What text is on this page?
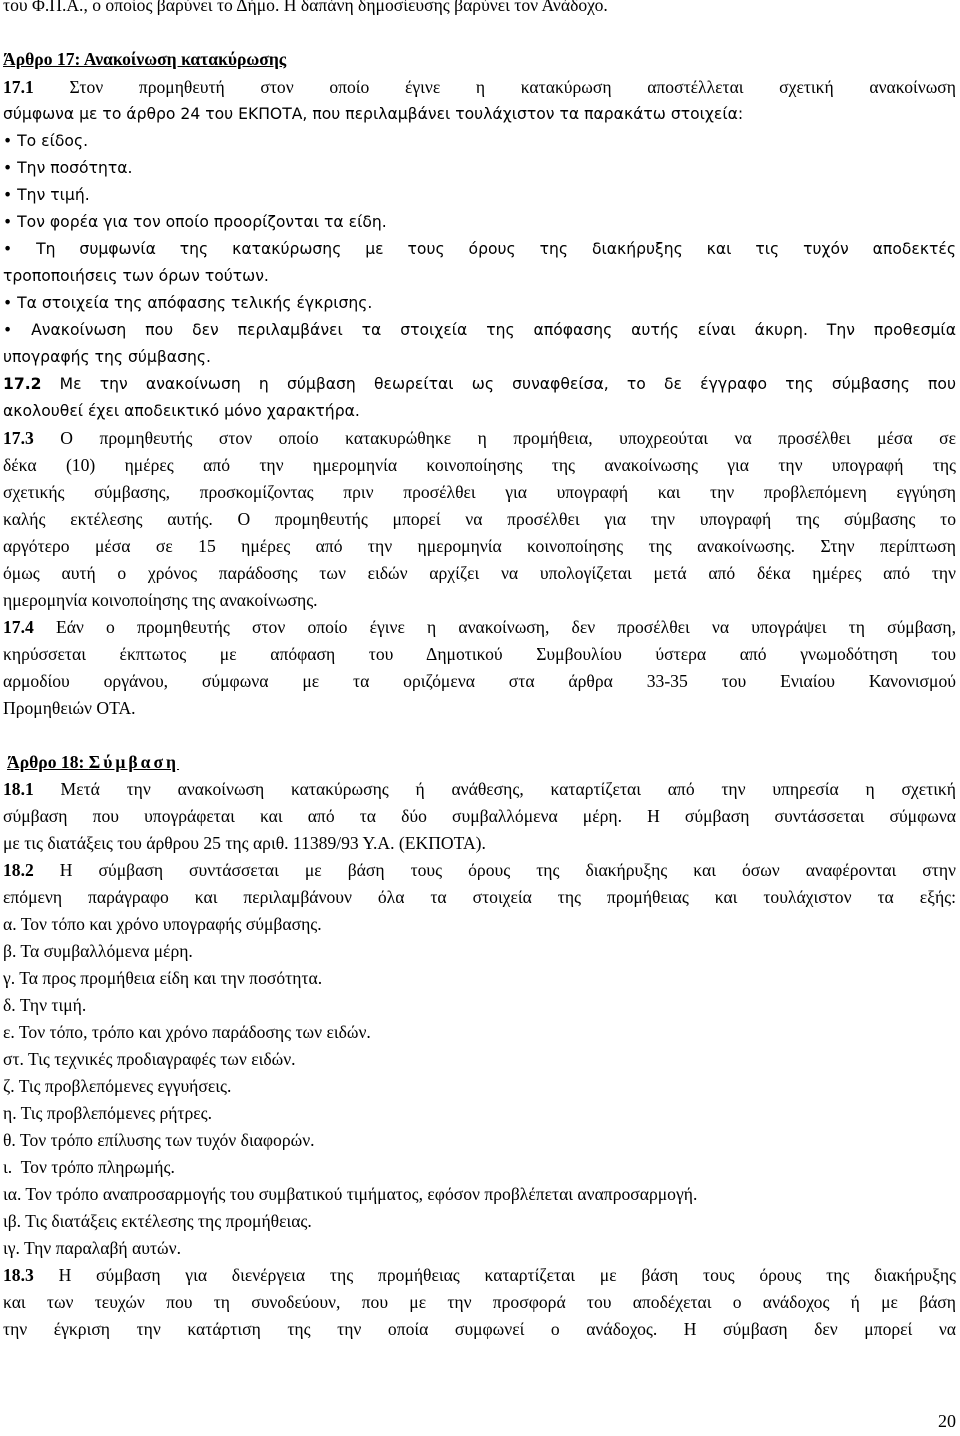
του Φ.Π.Α., ο οποίος βαρύνει το Δήμο. Η δαπάνη δημοσίευσης βαρύνει τον Ανάδοχο.
Άρθρο 17: Ανακοίνωση κατακύρωσης
17.1 Στον προμηθευτή στον οποίο έγινε η κατακύρωση αποστέλλεται σχετική ανακοίνωση
σύμφωνα με το άρθρο 24 του ΕΚΠΟΤΑ, που περιλαμβάνει τουλάχιστον τα παρακάτω στοιχεία:
• Το είδος.
• Την ποσότητα.
• Την τιμή.
• Τον φορέα για τον οποίο προορίζονται τα είδη.
• Τη συμφωνία της κατακύρωσης με τους όρους της διακήρυξης και τις τυχόν αποδεκτές
τροποποιήσεις των όρων τούτων.
• Τα στοιχεία της απόφασης τελικής έγκρισης.
• Ανακοίνωση που δεν περιλαμβάνει τα στοιχεία της απόφασης αυτής είναι άκυρη. Την προθεσμία
υπογραφής της σύμβασης.
17.2 Με την ανακοίνωση η σύμβαση θεωρείται ως συναφθείσα, το δε έγγραφο της σύμβασης που
ακολουθεί έχει αποδεικτικό μόνο χαρακτήρα.
17.3 Ο προμηθευτής στον οποίο κατακυρώθηκε η προμήθεια, υποχρεούται να προσέλθει μέσα σε
δέκα (10) ημέρες από την ημερομηνία κοινοποίησης της ανακοίνωσης για την υπογραφή της
σχετικής σύμβασης, προσκομίζοντας πριν προσέλθει για υπογραφή και την προβλεπόμενη εγγύηση
καλής εκτέλεσης αυτής. Ο προμηθευτής μπορεί να προσέλθει για την υπογραφή της σύμβασης το
αργότερο μέσα σε 15 ημέρες από την ημερομηνία κοινοποίησης της ανακοίνωσης. Στην περίπτωση
όμως αυτή ο χρόνος παράδοσης των ειδών αρχίζει να υπολογίζεται μετά από δέκα ημέρες από την
ημερομηνία κοινοποίησης της ανακοίνωσης.
17.4 Εάν ο προμηθευτής στον οποίο έγινε η ανακοίνωση, δεν προσέλθει να υπογράψει τη σύμβαση,
κηρύσσεται έκπτωτος με απόφαση του Δημοτικού Συμβουλίου ύστερα από γνωμοδότηση του
αρμοδίου οργάνου, σύμφωνα με τα οριζόμενα στα άρθρα 33-35 του Ενιαίου Κανονισμού
Προμηθειών ΟΤΑ.
Άρθρο 18: Σύμβαση
18.1 Μετά την ανακοίνωση κατακύρωσης ή ανάθεσης, καταρτίζεται από την υπηρεσία η σχετική
σύμβαση που υπογράφεται και από τα δύο συμβαλλόμενα μέρη. Η σύμβαση συντάσσεται σύμφωνα
με τις διατάξεις του άρθρου 25 της αριθ. 11389/93 Υ.Α. (ΕΚΠΟΤΑ).
18.2 Η σύμβαση συντάσσεται με βάση τους όρους της διακήρυξης και όσων αναφέρονται στην
επόμενη παράγραφο και περιλαμβάνουν όλα τα στοιχεία της προμήθειας και τουλάχιστον τα εξής:
α. Τον τόπο και χρόνο υπογραφής σύμβασης.
β. Τα συμβαλλόμενα μέρη.
γ. Τα προς προμήθεια είδη και την ποσότητα.
δ. Την τιμή.
ε. Τον τόπο, τρόπο και χρόνο παράδοσης των ειδών.
στ. Τις τεχνικές προδιαγραφές των ειδών.
ζ. Τις προβλεπόμενες εγγυήσεις.
η. Τις προβλεπόμενες ρήτρες.
θ. Τον τρόπο επίλυσης των τυχόν διαφορών.
ι.  Τον τρόπο πληρωμής.
ια. Τον τρόπο αναπροσαρμογής του συμβατικού τιμήματος, εφόσον προβλέπεται αναπροσαρμογή.
ιβ. Τις διατάξεις εκτέλεσης της προμήθειας.
ιγ. Την παραλαβή αυτών.
18.3 Η σύμβαση για διενέργεια της προμήθειας καταρτίζεται με βάση τους όρους της διακήρυξης
και των τευχών που τη συνοδεύουν, που με την προσφορά του αποδέχεται ο ανάδοχος ή με βάση
την έγκριση την κατάρτιση της την οποία συμφωνεί ο ανάδοχος. Η σύμβαση δεν μπορεί να
20
